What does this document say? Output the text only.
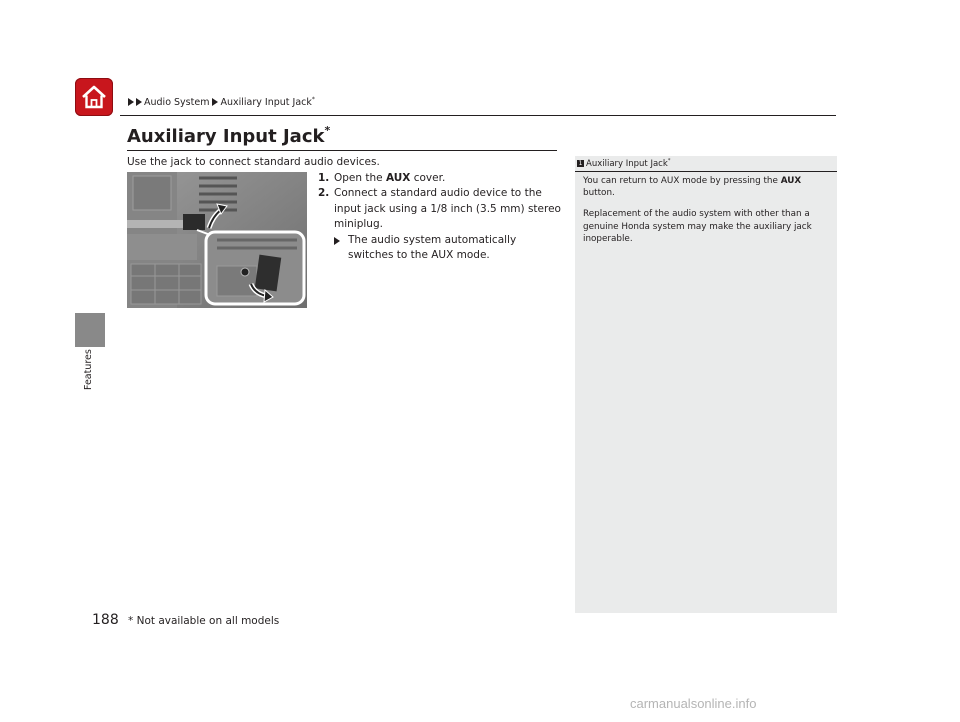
Audio System Auxiliary Input Jack*
Features
Auxiliary Input Jack*
Use the jack to connect standard audio devices.
1. Open the AUX cover.
2. Connect a standard audio device to the input jack using a 1/8 inch (3.5 mm) stereo miniplug.
The audio system automatically switches to the AUX mode.
1 Auxiliary Input Jack*

You can return to AUX mode by pressing the AUX button.

Replacement of the audio system with other than a genuine Honda system may make the auxiliary jack inoperable.

188 * Not available on all models
carmanualsonline.info
